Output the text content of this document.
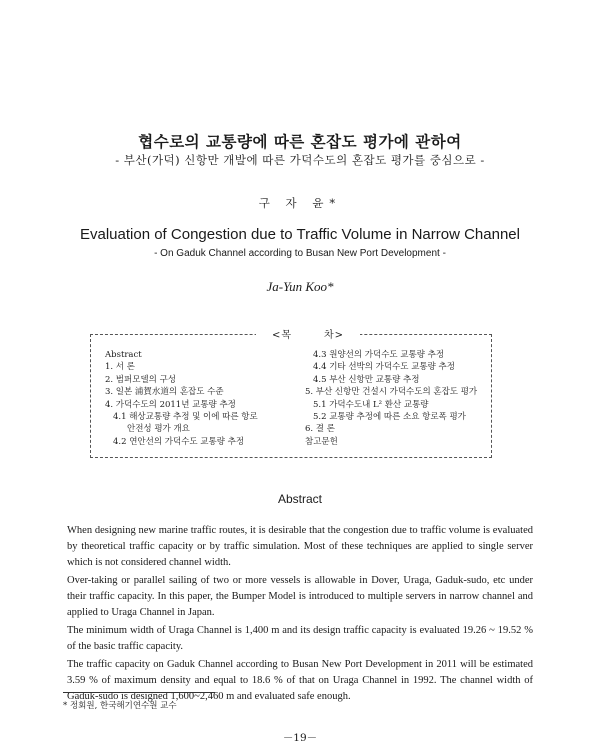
협수로의 교통량에 따른 혼잡도 평가에 관하여
- 부산(가덕) 신항만 개발에 따른 가덕수도의 혼잡도 평가를 중심으로 -
구 자 윤*
Evaluation of Congestion due to Traffic Volume in Narrow Channel
- On Gaduk Channel according to Busan New Port Development -
Ja-Yun Koo*
Abstract
1. 서 론
2. 범퍼모델의 구성
3. 일본 浦賀水道의 혼잡도 수준
4. 가덕수도의 2011년 교통량 추정
4.1 해상교통량 추정 및 이에 따른 항로
안전성 평가 개요
4.2 연안선의 가덕수도 교통량 추정
4.3 원양선의 가덕수도 교통량 추정
4.4 기타 선박의 가덕수도 교통량 추정
4.5 부산 신항만 교통량 추정
5. 부산 신항만 건설시 가덕수도의 혼잡도 평가
5.1 가덕수도내 L² 환산 교통량
5.2 교통량 추정에 따른 소요 항로폭 평가
6. 결 론
참고문헌
<목	차>
Abstract

When designing new marine traffic routes, it is desirable that the congestion due to traffic volume is evaluated by theoretical traffic capacity or by traffic simulation. Most of these techniques are applied to single server which is not considered channel width.

Over-taking or parallel sailing of two or more vessels is allowable in Dover, Uraga, Gaduk-sudo, etc under their traffic capacity. In this paper, the Bumper Model is introduced to multiple servers in narrow channel and applied to Uraga Channel in Japan.

The minimum width of Uraga Channel is 1,400 m and its design traffic capacity is evaluated 19.26 ~ 19.52 % of the basic traffic capacity.

The traffic capacity on Gaduk Channel according to Busan New Port Development in 2011 will be estimated 3.59 % of maximum density and equal to 18.6 % of that on Uraga Channel in 1992. The channel width of Gaduk-sudo is designed 1,600~2,460 m and evaluated safe enough.

* 정회원, 한국해기연수원 교수
－19－
